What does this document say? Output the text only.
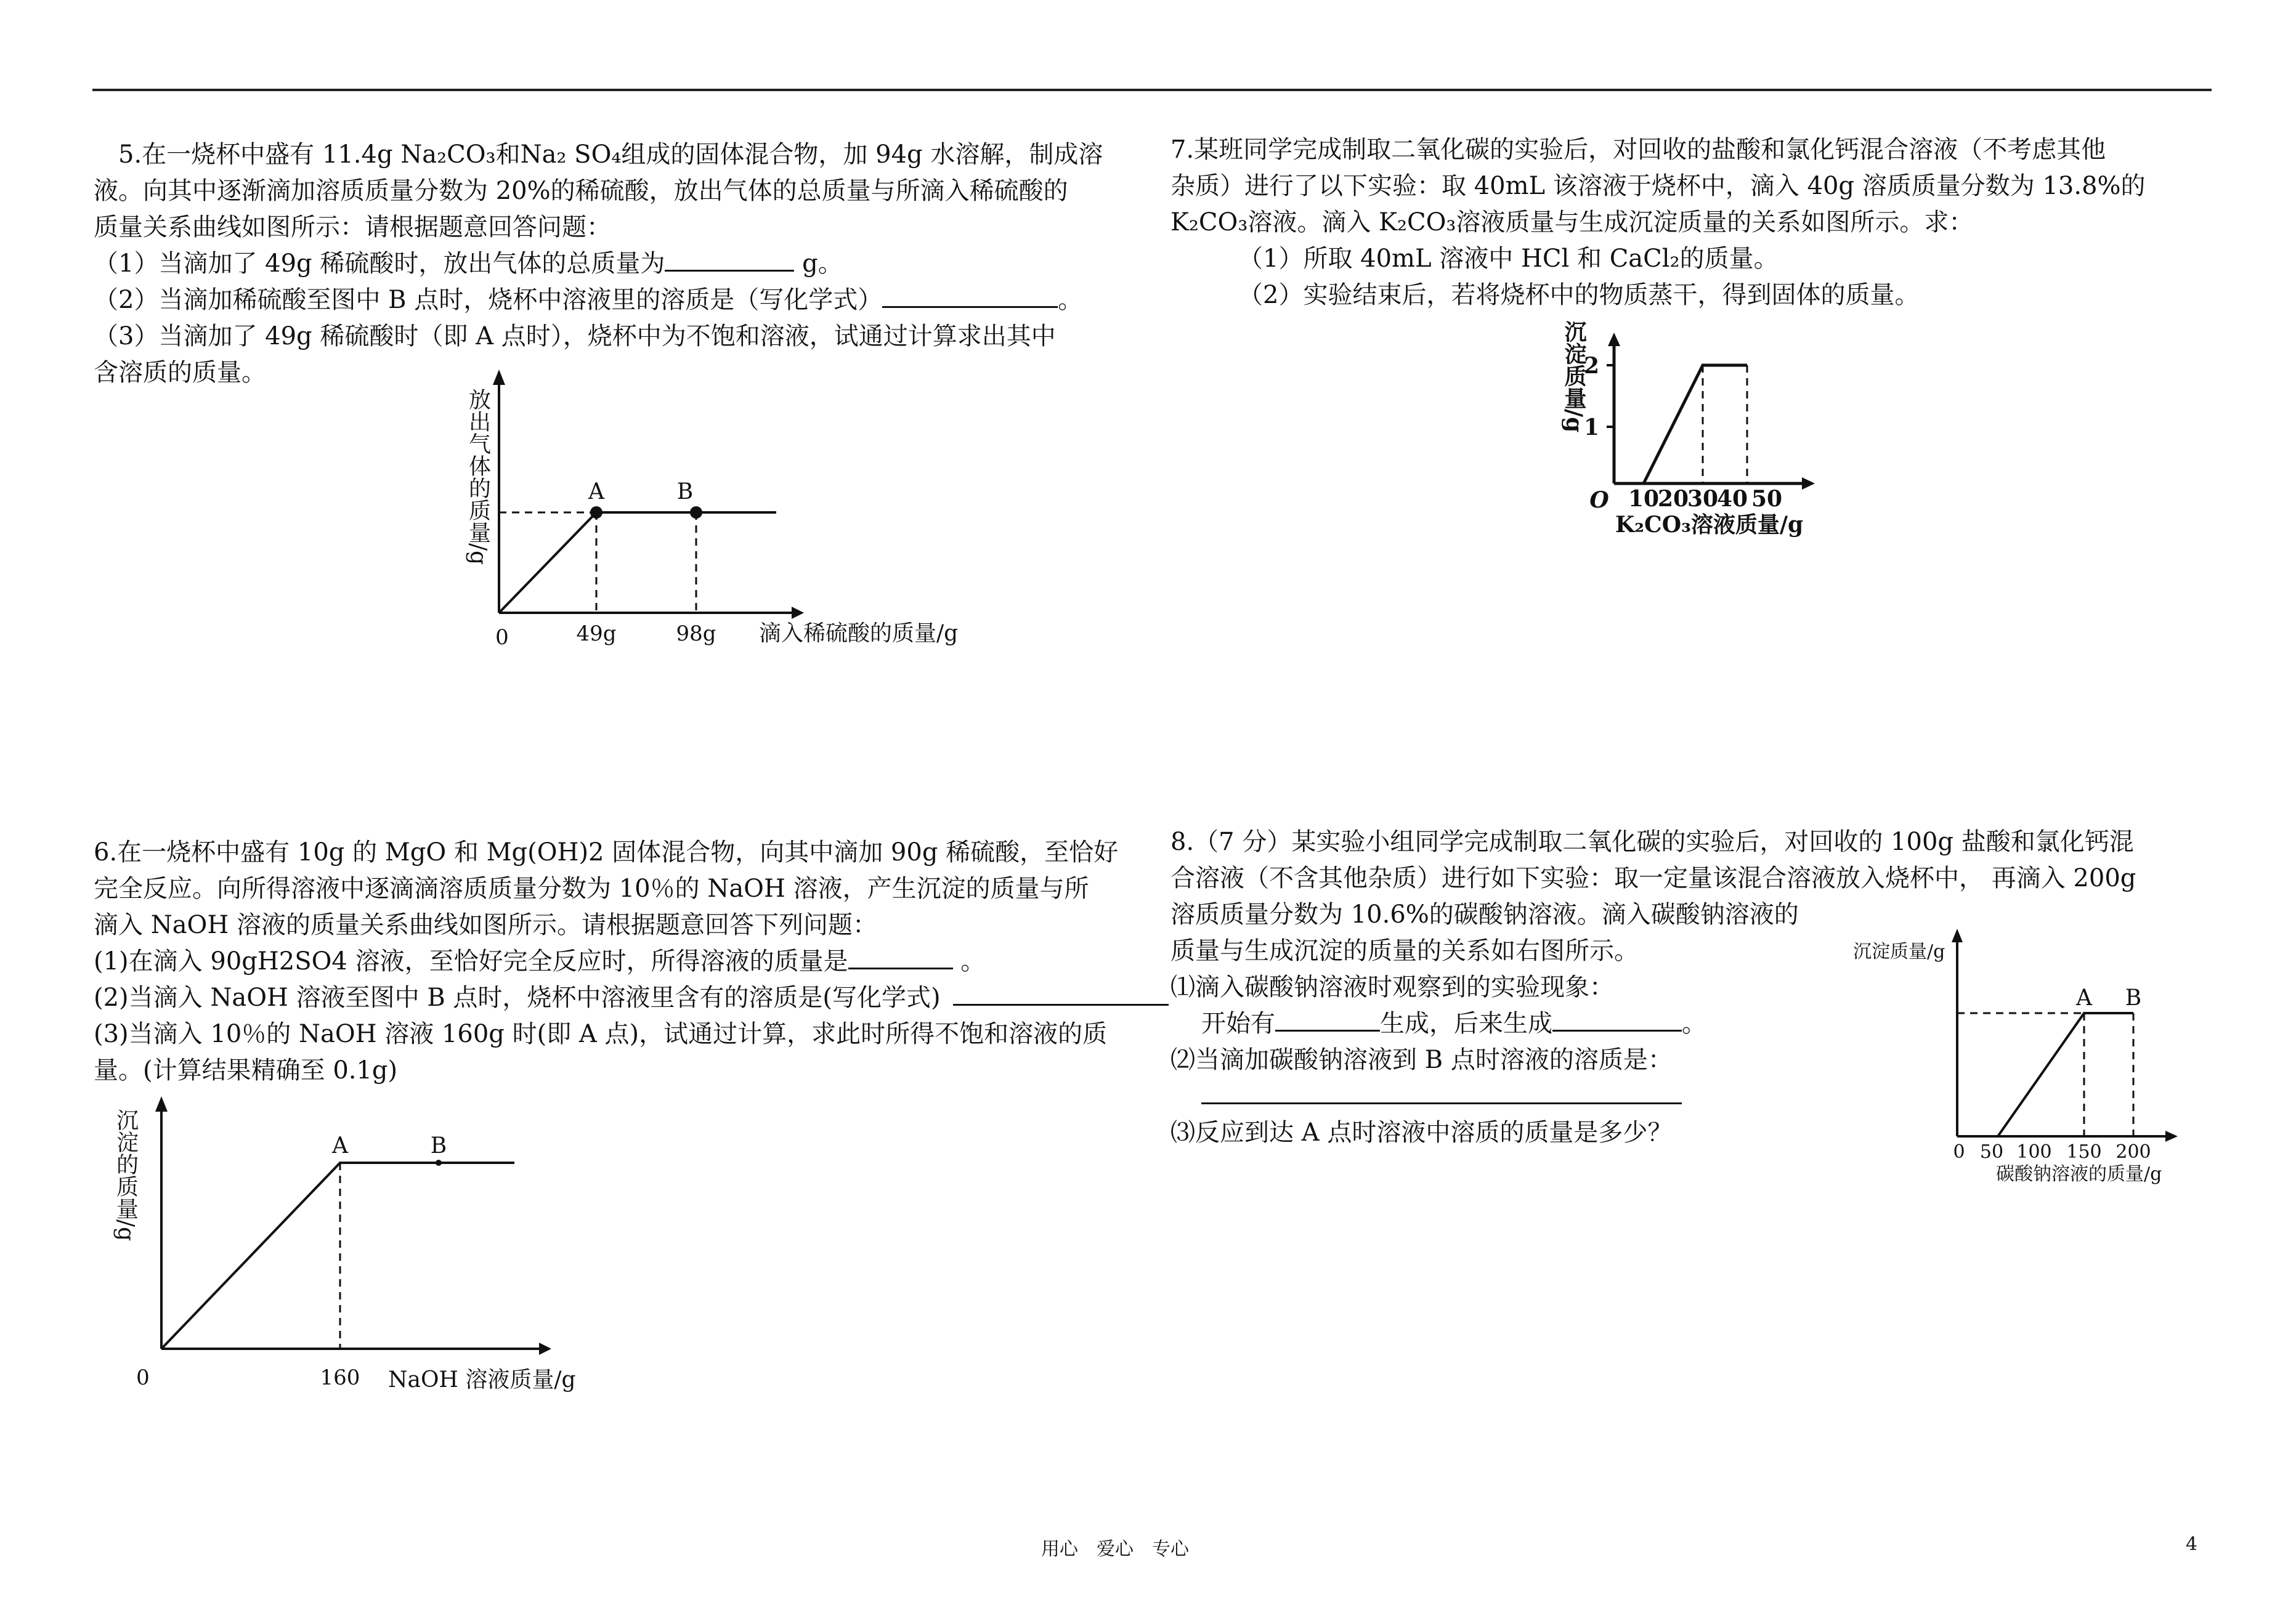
5.在一烧杯中盛有 11.4g Na₂CO₃和Na₂ SO₄组成的固体混合物，加 94g 水溶解，制成溶

液。向其中逐渐滴加溶质质量分数为 20%的稀硫酸，放出气体的总质量与所滴入稀硫酸的

质量关系曲线如图所示：请根据题意回答问题：

（1）当滴加了 49g 稀硫酸时，放出气体的总质量为	g。

（2）当滴加稀硫酸至图中 B 点时，烧杯中溶液里的溶质是（写化学式）	。

（3）当滴加了 49g 稀硫酸时（即 A 点时），烧杯中为不饱和溶液，试通过计算求出其中

含溶质的质量。

A	B
0	49g	98g 滴入稀硫酸的质量/g
放出气体的质量/g

6.在一烧杯中盛有 10g 的 MgO 和 Mg(OH)2 固体混合物，向其中滴加 90g 稀硫酸，至恰好

完全反应。向所得溶液中逐滴滴溶质质量分数为 10％的 NaOH 溶液，产生沉淀的质量与所

滴入 NaOH 溶液的质量关系曲线如图所示。请根据题意回答下列问题：

(1)在滴入 90gH2SO4 溶液，至恰好完全反应时，所得溶液的质量是	。

(2)当滴入 NaOH 溶液至图中 B 点时，烧杯中溶液里含有的溶质是(写化学式)

(3)当滴入 10％的 NaOH 溶液 160g 时(即 A 点)，试通过计算，求此时所得不饱和溶液的质

量。(计算结果精确至 0.1g)

A	B
0	160 NaOH 溶液质量/g
沉淀的质量/g

7.某班同学完成制取二氧化碳的实验后，对回收的盐酸和氯化钙混合溶液（不考虑其他

杂质）进行了以下实验：取 40mL 该溶液于烧杯中，滴入 40g 溶质质量分数为 13.8%的

K₂CO₃溶液。滴入 K₂CO₃溶液质量与生成沉淀质量的关系如图所示。求：

（1）所取 40mL 溶液中 HCl 和 CaCl₂的质量。

（2）实验结束后，若将烧杯中的物质蒸干，得到固体的质量。

1
2
O 10
20
30
40 50
K₂CO₃溶液质量/g
沉淀质量/g

8.（7 分）某实验小组同学完成制取二氧化碳的实验后，对回收的 100g 盐酸和氯化钙混

合溶液（不含其他杂质）进行如下实验：取一定量该混合溶液放入烧杯中， 再滴入 200g

溶质质量分数为 10.6%的碳酸钠溶液。滴入碳酸钠溶液的

质量与生成沉淀的质量的关系如右图所示。

⑴滴入碳酸钠溶液时观察到的实验现象：

开始有	生成，后来生成	。

⑵当滴加碳酸钠溶液到 B 点时溶液的溶质是：

⑶反应到达 A 点时溶液中溶质的质量是多少？

沉淀质量/g
A B
0 50 100 150 200
碳酸钠溶液的质量/g
用心　爱心　专心	4
